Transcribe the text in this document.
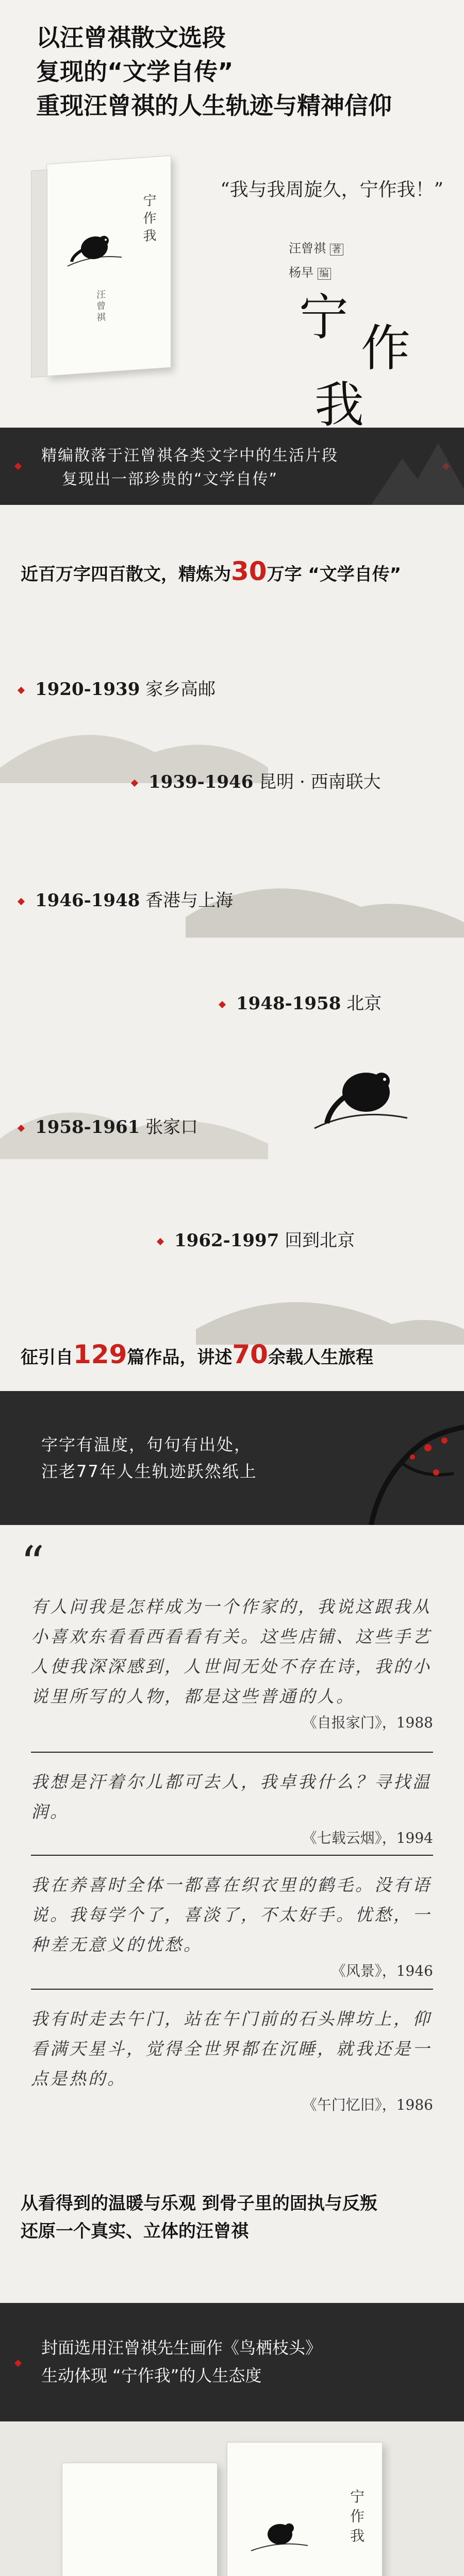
以汪曾祺散文选段
复现的“文学自传”
重现汪曾祺的人生轨迹与精神信仰
“我与我周旋久，宁作我！”
宁作我
汪曾祺
汪曾祺 著
杨早 编
宁
作
我
精编散落于汪曾祺各类文字中的生活片段
复现出一部珍贵的“文学自传”
近百万字四百散文，精炼为30万字 “文学自传”
1920-1939 家乡高邮
1939-1946 昆明 · 西南联大
1946-1948 香港与上海
1948-1958 北京
1958-1961 张家口
1962-1997 回到北京
征引自129篇作品，讲述70余载人生旅程
字字有温度，句句有出处，
汪老77年人生轨迹跃然纸上
“
有人问我是怎样成为一个作家的，我说这跟我从小喜欢东看看西看看有关。这些店铺、这些手艺人使我深深感到，人世间无处不存在诗，我的小说里所写的人物，都是这些普通的人。
《自报家门》，1988
我想是汗着尔儿都可去人，我卓我什么？寻找温润。
《七载云烟》，1994
我在养喜时全体一都喜在织衣里的鹤毛。没有语说。我每学个了，喜淡了，不太好手。忧愁，一种差无意义的忧愁。
《风景》，1946
我有时走去午门，站在午门前的石头牌坊上，仰看满天星斗，觉得全世界都在沉睡，就我还是一点是热的。
《午门忆旧》，1986
从看得到的温暖与乐观 到骨子里的固执与反叛
还原一个真实、立体的汪曾祺
封面选用汪曾祺先生画作《鸟栖枝头》
生动体现 “宁作我”的人生态度
宁作我
